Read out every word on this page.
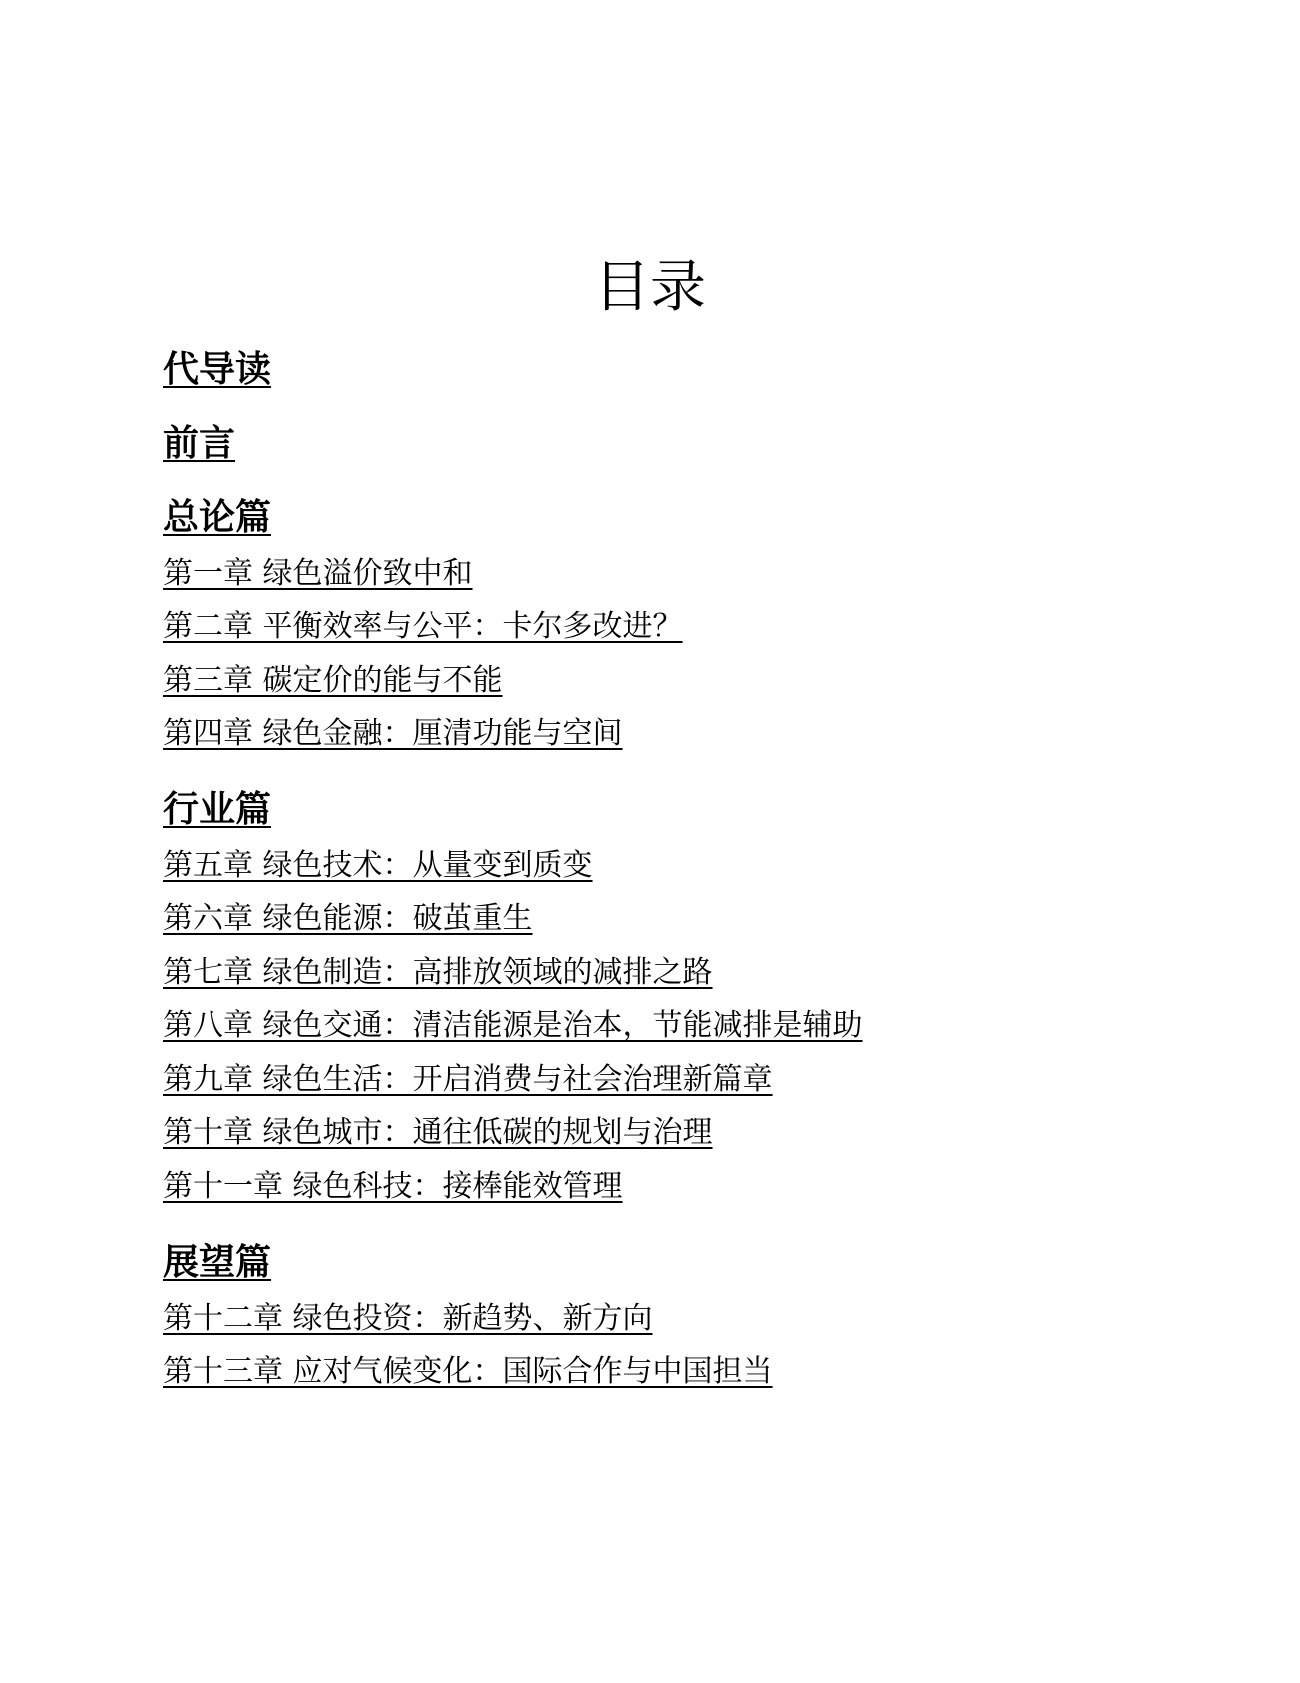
目录
代导读
前言
总论篇
第一章 绿色溢价致中和
第二章 平衡效率与公平：卡尔多改进？
第三章 碳定价的能与不能
第四章 绿色金融：厘清功能与空间
行业篇
第五章 绿色技术：从量变到质变
第六章 绿色能源：破茧重生
第七章 绿色制造：高排放领域的减排之路
第八章 绿色交通：清洁能源是治本，节能减排是辅助
第九章 绿色生活：开启消费与社会治理新篇章
第十章 绿色城市：通往低碳的规划与治理
第十一章 绿色科技：接棒能效管理
展望篇
第十二章 绿色投资：新趋势、新方向
第十三章 应对气候变化：国际合作与中国担当
